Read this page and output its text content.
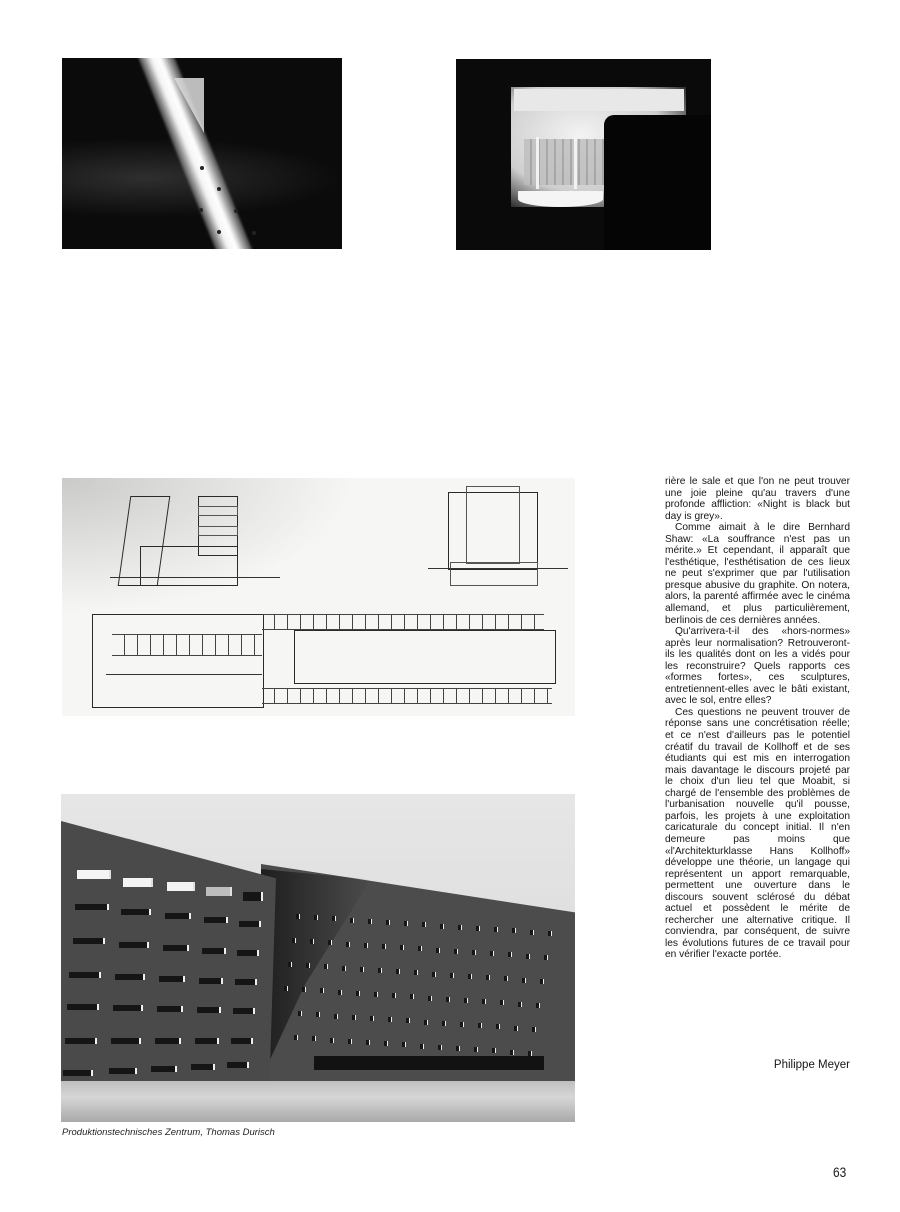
Produktionstechnisches Zentrum, Thomas Durisch

rière le sale et que l'on ne peut trouver une joie pleine qu'au travers d'une profonde affliction: «Night is black but day is grey».

Comme aimait à le dire Bernhard Shaw: «La souffrance n'est pas un mérite.» Et cependant, il apparaît que l'esthétique, l'esthétisation de ces lieux ne peut s'exprimer que par l'utilisation presque abusive du graphite. On notera, alors, la parenté affirmée avec le cinéma allemand, et plus particulièrement, berlinois de ces dernières années.

Qu'arrivera-t-il des «hors-normes» après leur normalisation? Retrouveront-ils les qualités dont on les a vidés pour les reconstruire? Quels rapports ces «formes fortes», ces sculptures, entretiennent-elles avec le bâti existant, avec le sol, entre elles?

Ces questions ne peuvent trouver de réponse sans une concrétisation réelle; et ce n'est d'ailleurs pas le potentiel créatif du travail de Kollhoff et de ses étudiants qui est mis en interrogation mais davantage le discours projeté par le choix d'un lieu tel que Moabit, si chargé de l'ensemble des problèmes de l'urbanisation nouvelle qu'il pousse, parfois, les projets à une exploitation caricaturale du concept initial. Il n'en demeure pas moins que «l'Architekturklasse Hans Kollhoff» développe une théorie, un langage qui représentent un apport remarquable, permettent une ouverture dans le discours souvent sclérosé du débat actuel et possèdent le mérite de rechercher une alternative critique. Il conviendra, par conséquent, de suivre les évolutions futures de ce travail pour en vérifier l'exacte portée.

Philippe Meyer
63
